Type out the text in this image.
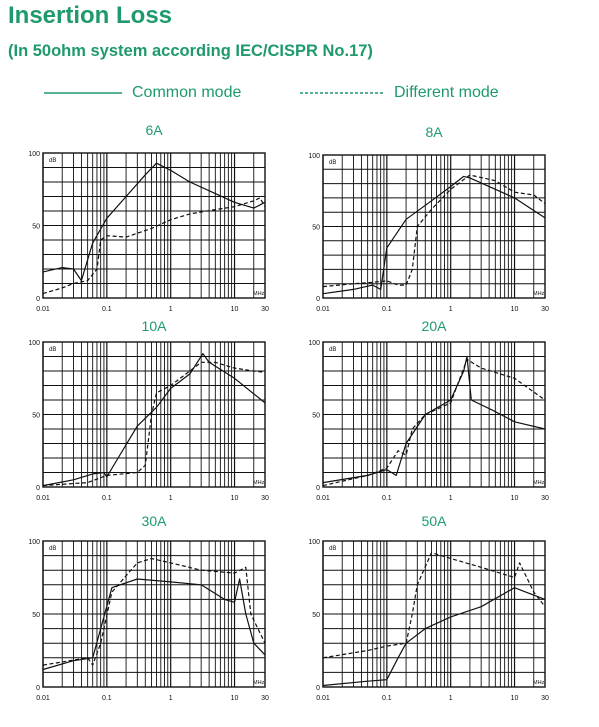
Insertion Loss
(In 50ohm system according IEC/CISPR No.17)
Common mode	Different mode
6A
0
50
100
0.01	0.1	1	10	30
dB
MHz
8A
0
50
100
0.01	0.1	1	10	30
dB
MHz
10A
0
50
100
0.01	0.1	1	10	30
dB
MHz
20A
0
50
100
0.01	0.1	1	10	30
dB
MHz
30A
0
50
100
0.01	0.1	1	10	30
dB
MHz
50A
0
50
100
0.01	0.1	1	10	30
dB
MHz
